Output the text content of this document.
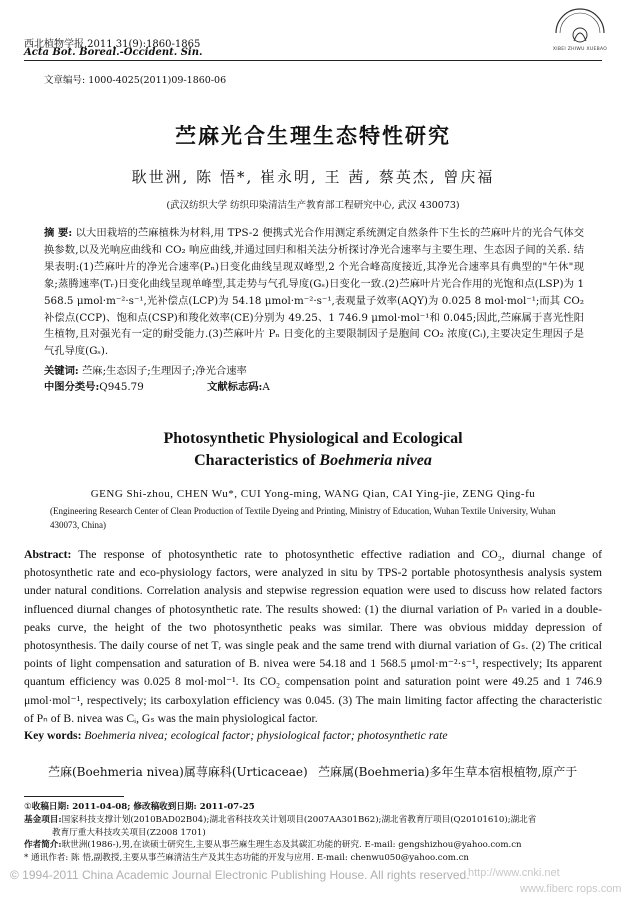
西北植物学报,2011,31(9):1860-1865
Acta Bot. Boreal.-Occident. Sin.	XIBEI ZHIWU XUEBAO
文章编号: 1000-4025(2011)09-1860-06
苎麻光合生理生态特性研究
耿世洲, 陈 悟*, 崔永明, 王 茜, 蔡英杰, 曾庆福
(武汉纺织大学 纺织印染清洁生产教育部工程研究中心, 武汉 430073)
摘 要: 以大田栽培的苎麻植株为材料,用 TPS-2 便携式光合作用测定系统测定自然条件下生长的苎麻叶片的光合气体交换参数,以及光响应曲线和 CO₂ 响应曲线,并通过回归和相关法分析探讨净光合速率与主要生理、生态因子间的关系. 结果表明:(1)苎麻叶片的净光合速率(Pₙ)日变化曲线呈现双峰型,2 个光合峰高度接近,其净光合速率具有典型的"午休"现象;蒸腾速率(Tᵣ)日变化曲线呈现单峰型,其走势与气孔导度(Gₛ)日变化一致.(2)苎麻叶片光合作用的光饱和点(LSP)为 1 568.5 μmol·m⁻²·s⁻¹,光补偿点(LCP)为 54.18 μmol·m⁻²·s⁻¹,表观量子效率(AQY)为 0.025 8 mol·mol⁻¹;而其 CO₂ 补偿点(CCP)、饱和点(CSP)和羧化效率(CE)分别为 49.25、1 746.9 μmol·mol⁻¹和 0.045;因此,苎麻属于喜光性阳生植物,且对强光有一定的耐受能力.(3)苎麻叶片 Pₙ 日变化的主要限制因子是胞间 CO₂ 浓度(Cᵢ),主要决定生理因子是气孔导度(Gₛ).
关键词: 苎麻;生态因子;生理因子;净光合速率
中图分类号:Q945.79	文献标志码:A
Photosynthetic Physiological and Ecological
Characteristics of Boehmeria nivea
GENG Shi-zhou, CHEN Wu*, CUI Yong-ming, WANG Qian, CAI Ying-jie, ZENG Qing-fu
(Engineering Research Center of Clean Production of Textile Dyeing and Printing, Ministry of Education, Wuhan Textile University, Wuhan 430073, China)
Abstract: The response of photosynthetic rate to photosynthetic effective radiation and CO₂, diurnal change of photosynthetic rate and eco-physiology factors, were analyzed in situ by TPS-2 portable photosynthesis analysis system under natural conditions. Correlation analysis and stepwise regression equation were used to discuss how related factors influenced diurnal changes of photosynthetic rate. The results showed: (1) the diurnal variation of Pₙ varied in a double-peaks curve, the height of the two photosynthetic peaks was similar. There was obvious midday depression of photosynthesis. The daily course of net Tᵣ was single peak and the same trend with diurnal variation of Gₛ. (2) The critical points of light compensation and saturation of B. nivea were 54.18 and 1 568.5 μmol·m⁻²·s⁻¹, respectively; Its apparent quantum efficiency was 0.025 8 mol·mol⁻¹. Its CO₂ compensation point and saturation point were 49.25 and 1 746.9 μmol·mol⁻¹, respectively; its carboxylation efficiency was 0.045. (3) The main limiting factor affecting the characteristic of Pₙ of B. nivea was Cᵢ, Gₛ was the main physiological factor.
Key words: Boehmeria nivea; ecological factor; physiological factor; photosynthetic rate
苎麻(Boehmeria nivea)属荨麻科(Urticaceae) 苎麻属(Boehmeria)多年生草本宿根植物,原产于
①收稿日期: 2011-04-08; 修改稿收到日期: 2011-07-25
基金项目:国家科技支撑计划(2010BAD02B04);湖北省科技攻关计划项目(2007AA301B62);湖北省教育厅项目(Q20101610);湖北省
教育厅重大科技攻关项目(Z2008 1701)
作者简介:耿世洲(1986-),男,在读硕士研究生,主要从事苎麻生理生态及其碳汇功能的研究. E-mail: gengshizhou@yahoo.com.cn
* 通讯作者: 陈 悟,副教授,主要从事苎麻清洁生产及其生态功能的开发与应用. E-mail: chenwu050@yahoo.com.cn
© 1994-2011 China Academic Journal Electronic Publishing House. All rights reserved.
http://www.cnki.net
www.fiberc rops.com
